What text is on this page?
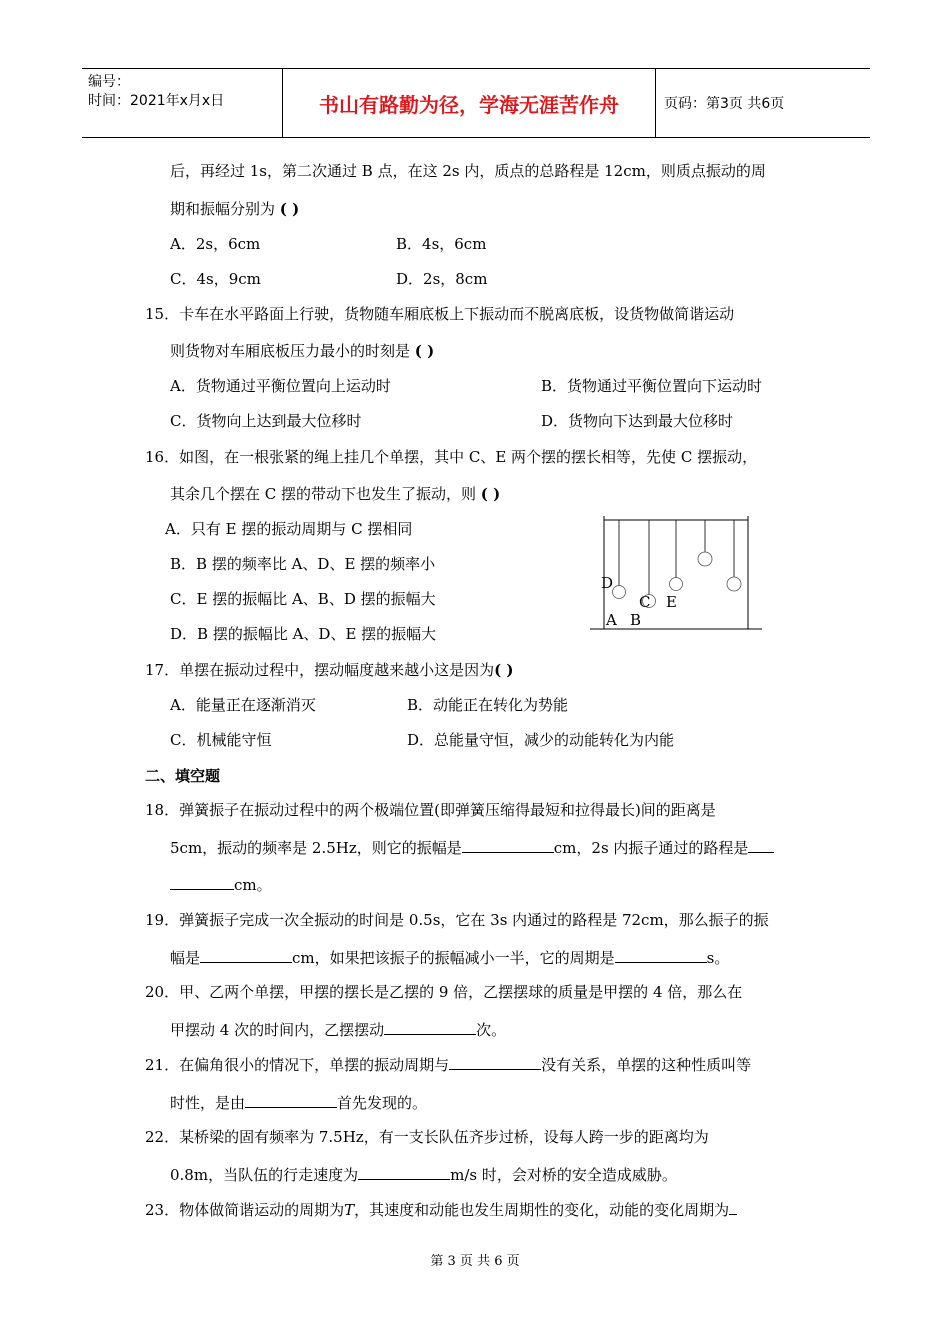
编号：
时间：2021年x月x日	书山有路勤为径，学海无涯苦作舟	页码：第3页 共6页
后，再经过 1s，第二次通过 B 点，在这 2s 内，质点的总路程是 12cm，则质点振动的周
期和振幅分别为 ( )
A．2s，6cm	B．4s，6cm
C．4s，9cm	D．2s，8cm
15．卡车在水平路面上行驶，货物随车厢底板上下振动而不脱离底板，设货物做简谐运动
则货物对车厢底板压力最小的时刻是 ( )
A．货物通过平衡位置向上运动时	B．货物通过平衡位置向下运动时
C．货物向上达到最大位移时	D．货物向下达到最大位移时
16．如图，在一根张紧的绳上挂几个单摆，其中 C、E 两个摆的摆长相等，先使 C 摆振动，
其余几个摆在 C 摆的带动下也发生了振动，则 ( )
A．只有 E 摆的振动周期与 C 摆相同
B．B 摆的频率比 A、D、E 摆的频率小
C．E 摆的振幅比 A、B、D 摆的振幅大
D．B 摆的振幅比 A、D、E 摆的振幅大
D
C E
A B
17．单摆在振动过程中，摆动幅度越来越小这是因为( )
A．能量正在逐渐消灭	B．动能正在转化为势能
C．机械能守恒	D．总能量守恒，减少的动能转化为内能
二、填空题
18．弹簧振子在振动过程中的两个极端位置(即弹簧压缩得最短和拉得最长)间的距离是
5cm，振动的频率是 2.5Hz，则它的振幅是	cm，2s 内振子通过的路程是
cm。
19．弹簧振子完成一次全振动的时间是 0.5s，它在 3s 内通过的路程是 72cm，那么振子的振
幅是	cm，如果把该振子的振幅减小一半，它的周期是	s。
20．甲、乙两个单摆，甲摆的摆长是乙摆的 9 倍，乙摆摆球的质量是甲摆的 4 倍，那么在
甲摆动 4 次的时间内，乙摆摆动	次。
21．在偏角很小的情况下，单摆的振动周期与	没有关系，单摆的这种性质叫等
时性，是由	首先发现的。
22．某桥梁的固有频率为 7.5Hz，有一支长队伍齐步过桥，设每人跨一步的距离均为
0.8m，当队伍的行走速度为	m/s 时，会对桥的安全造成威胁。
23．物体做简谐运动的周期为T，其速度和动能也发生周期性的变化，动能的变化周期为
第 3 页 共 6 页
